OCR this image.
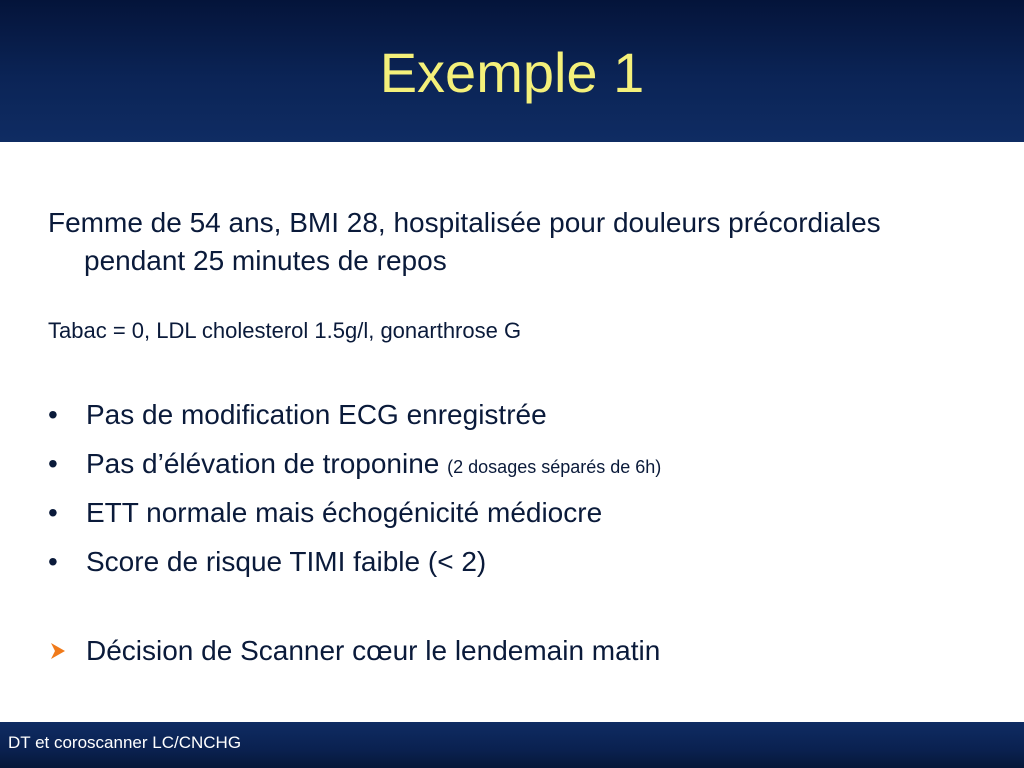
Exemple 1

Femme de 54 ans, BMI 28, hospitalisée pour douleurs précordiales pendant 25 minutes de repos

Tabac = 0, LDL cholesterol 1.5g/l, gonarthrose G

• Pas de modification ECG enregistrée
• Pas d’élévation de troponine (2 dosages séparés de 6h)
• ETT normale mais échogénicité médiocre
• Score de risque TIMI faible (< 2)
Décision de Scanner cœur le lendemain matin
DT et coroscanner LC/CNCHG
